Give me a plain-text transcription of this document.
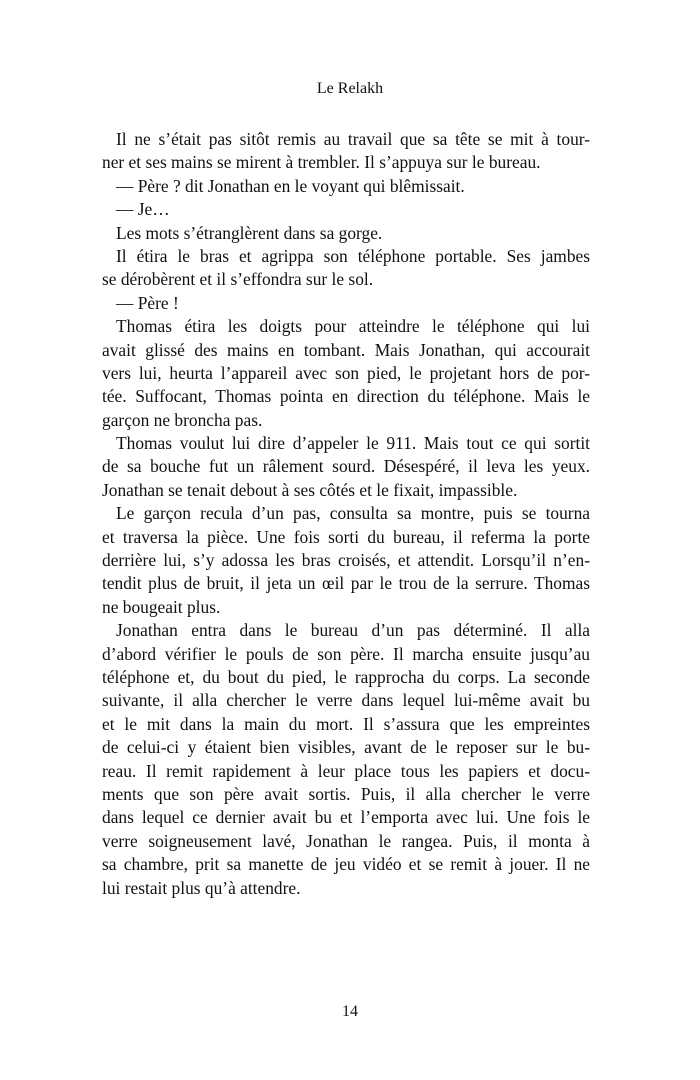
Le Relakh
Il ne s’était pas sitôt remis au travail que sa tête se mit à tour-
ner et ses mains se mirent à trembler. Il s’appuya sur le bureau.
— Père ? dit Jonathan en le voyant qui blêmissait.
— Je…
Les mots s’étranglèrent dans sa gorge.
Il étira le bras et agrippa son téléphone portable. Ses jambes
se dérobèrent et il s’effondra sur le sol.
— Père !
Thomas étira les doigts pour atteindre le téléphone qui lui
avait glissé des mains en tombant. Mais Jonathan, qui accourait
vers lui, heurta l’appareil avec son pied, le projetant hors de por-
tée. Suffocant, Thomas pointa en direction du téléphone. Mais le
garçon ne broncha pas.
Thomas voulut lui dire d’appeler le 911. Mais tout ce qui sortit
de sa bouche fut un râlement sourd. Désespéré, il leva les yeux.
Jonathan se tenait debout à ses côtés et le fixait, impassible.
Le garçon recula d’un pas, consulta sa montre, puis se tourna
et traversa la pièce. Une fois sorti du bureau, il referma la porte
derrière lui, s’y adossa les bras croisés, et attendit. Lorsqu’il n’en-
tendit plus de bruit, il jeta un œil par le trou de la serrure. Thomas
ne bougeait plus.
Jonathan entra dans le bureau d’un pas déterminé. Il alla
d’abord vérifier le pouls de son père. Il marcha ensuite jusqu’au
téléphone et, du bout du pied, le rapprocha du corps. La seconde
suivante, il alla chercher le verre dans lequel lui-même avait bu
et le mit dans la main du mort. Il s’assura que les empreintes
de celui-ci y étaient bien visibles, avant de le reposer sur le bu-
reau. Il remit rapidement à leur place tous les papiers et docu-
ments que son père avait sortis. Puis, il alla chercher le verre
dans lequel ce dernier avait bu et l’emporta avec lui. Une fois le
verre soigneusement lavé, Jonathan le rangea. Puis, il monta à
sa chambre, prit sa manette de jeu vidéo et se remit à jouer. Il ne
lui restait plus qu’à attendre.
14
